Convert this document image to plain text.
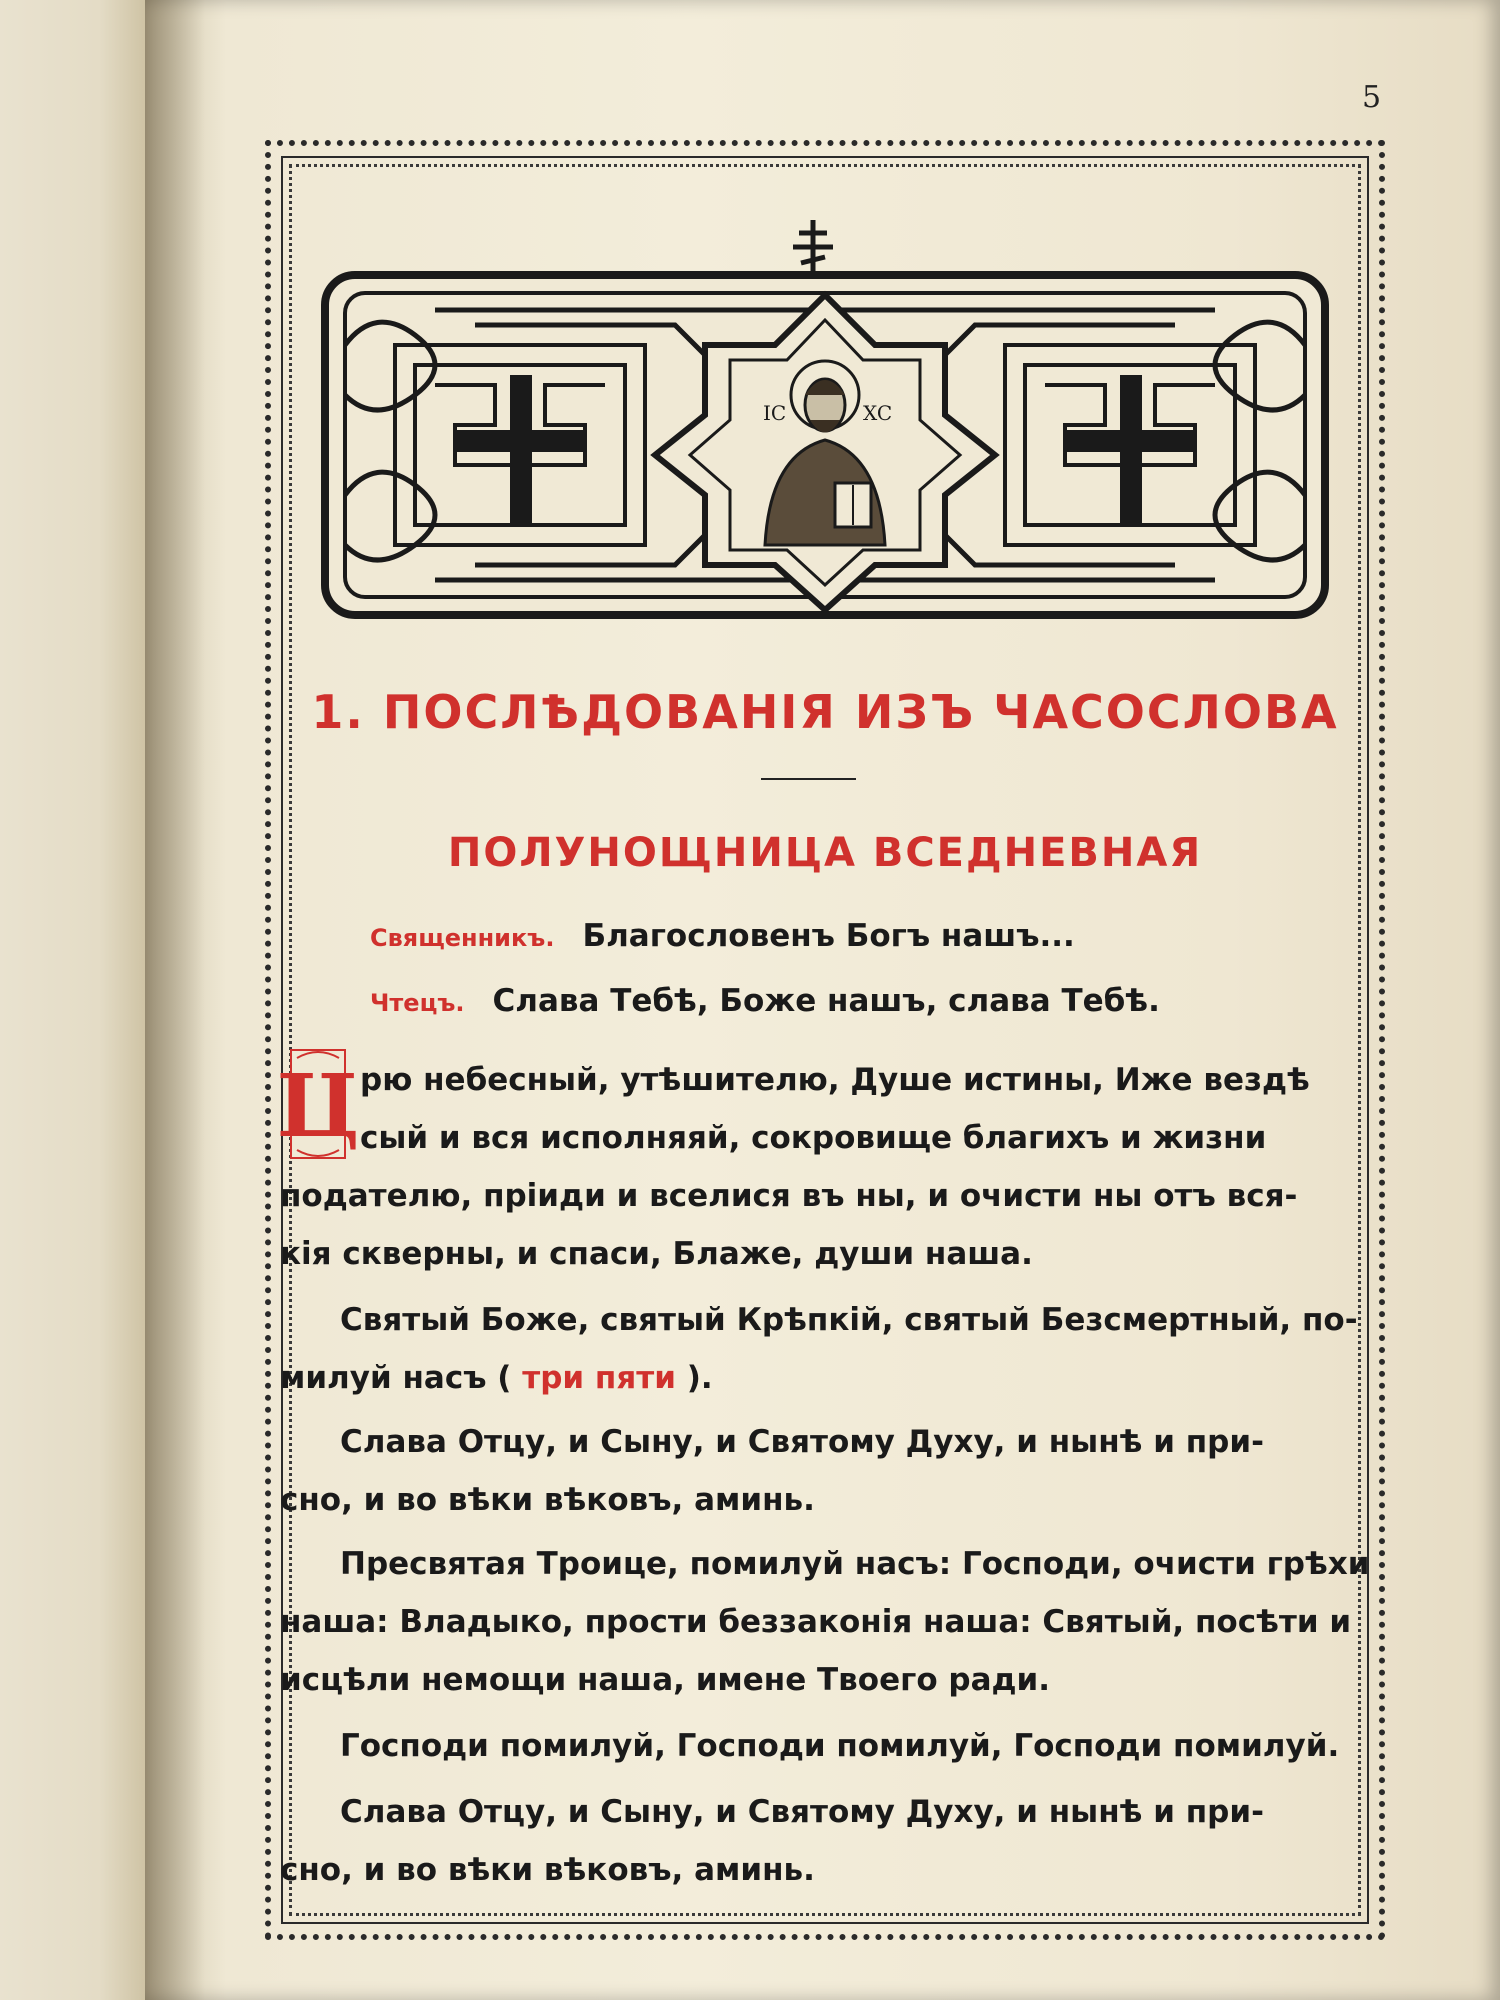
5
IC	XC
1. ПОСЛѢДОВАНІЯ ИЗЪ ЧАСОСЛОВА
ПОЛУНОЩНИЦА ВСЕДНЕВНАЯ
Священникъ. Благословенъ Богъ нашъ...
Чтецъ. Слава Тебѣ, Боже нашъ, слава Тебѣ.
Ц рю небесный, утѣшителю, Душе истины, Иже вездѣ
сый и вся исполняяй, сокровище благихъ и жизни
подателю, пріиди и вселися въ ны, и очисти ны отъ вся-
кія скверны, и спаси, Блаже, души наша.
Святый Боже, святый Крѣпкій, святый Безсмертный, по-
милуй насъ ( три пяти ).
Слава Отцу, и Сыну, и Святому Духу, и нынѣ и при-
сно, и во вѣки вѣковъ, аминь.
Пресвятая Троице, помилуй насъ: Господи, очисти грѣхи
наша: Владыко, прости беззаконія наша: Святый, посѣти и
исцѣли немощи наша, имене Твоего ради.
Господи помилуй, Господи помилуй, Господи помилуй.
Слава Отцу, и Сыну, и Святому Духу, и нынѣ и при-
сно, и во вѣки вѣковъ, аминь.
